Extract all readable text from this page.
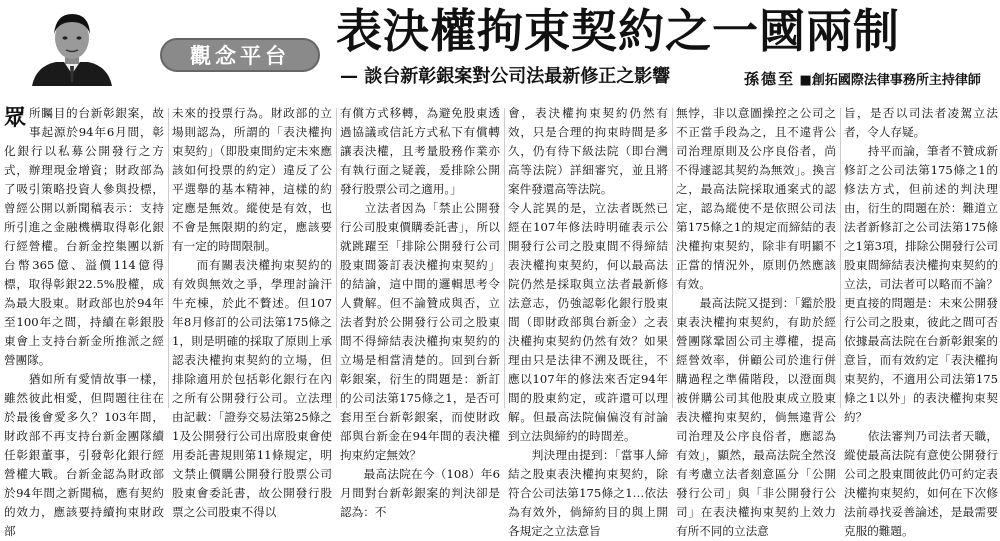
觀念平台	表決權拘束契約之一國兩制
— 談台新彰銀案對公司法最新修正之影響	孫德至 ■創拓國際法律事務所主持律師
眾 所矚目的台新彰銀案，故事起源於94年6月間，彰化銀行以私募公開發行之方式，辦理現金增資；財政部為了吸引策略投資人參與投標，曾經公開以新聞稿表示：支持所引進之金融機構取得彰化銀行經營權。台新金控集團以新台幣365億、溢價114億得標，取得彰銀22.5%股權，成為最大股東。財政部也於94年至100年之間，持續在彰銀股東會上支持台新金所推派之經營團隊。
　　猶如所有愛情故事一樣，雖然彼此相愛，但問題往往在於最後會愛多久？103年間，財政部不再支持台新金團隊續任彰銀董事，引發彰化銀行經營權大戰。台新金認為財政部於94年間之新聞稿，應有契約的效力，應該要持續拘束財政部
未來的投票行為。財政部的立場則認為，所謂的「表決權拘束契約」（即股東間約定未來應該如何投票的約定）違反了公平選舉的基本精神，這樣的約定應是無效。縱使是有效，也不會是無限期的約定，應該要有一定的時間限制。
　　而有關表決權拘束契約的有效與無效之爭，學理討論汗牛充棟，於此不贅述。但107年8月修訂的公司法第175條之1，則是明確的採取了原則上承認表決權拘束契約的立場，但排除適用於包括彰化銀行在內之所有公開發行公司。立法理由記載：「證券交易法第25條之1及公開發行公司出席股東會使用委託書規則第11條規定，明文禁止價購公開發行股票公司股東會委託書，故公開發行股票之公司股東不得以
有償方式移轉，為避免股東透過協議或信託方式私下有償轉讓表決權，且考量股務作業亦有執行面之疑義，爰排除公開發行股票公司之適用。」
　　立法者因為「禁止公開發行公司股東價購委託書」，所以就跳躍至「排除公開發行公司股東間簽訂表決權拘束契約」的結論，這中間的邏輯思考令人費解。但不論贊成與否，立法者對於公開發行公司之股東間不得締結表決權拘束契約的立場是相當清楚的。回到台新彰銀案，衍生的問題是：新訂的公司法第175條之1，是否可套用至台新彰銀案，而使財政部與台新金在94年間的表決權拘束約定無效？
　　最高法院在今（108）年6月間對台新彰銀案的判決卻是認為：不
會，表決權拘束契約仍然有效，只是合理的拘束時間是多久，仍有待下級法院（即台灣高等法院）詳細審究，並且將案件發還高等法院。
令人詫異的是，立法者既然已經在107年修法時明確表示公開發行公司之股東間不得締結表決權拘束契約，何以最高法院仍然是採取與立法者最新修法意志，仍強認彰化銀行股東間（即財政部與台新金）之表決權拘束契約仍然有效？如果理由只是法律不溯及既往，不應以107年的修法來否定94年間的股東約定，或許還可以理解。但最高法院偏偏沒有討論到立法與締約的時間差。
　　判決理由提到：「當事人締結之股東表決權拘束契約，除符合公司法第175條之1…依法為有效外，倘締約目的與上開各規定之立法意旨
無悖，非以意圖操控之公司之不正當手段為之，且不違背公司治理原則及公序良俗者，尚不得遽認其契約為無效」。換言之，最高法院採取通案式的認定，認為縱使不是依照公司法第175條之1的規定而締結的表決權拘束契約，除非有明顯不正當的情況外，原則仍然應該有效。
　　最高法院又提到：「鑑於股東表決權拘束契約，有助於經營團隊鞏固公司主導權，提高經營效率，併顧公司於進行併購過程之準備階段，以澄面與被併購公司其他股東成立股東表決權拘束契約，倘無違背公司治理及公序良俗者，應認為有效」，顯然，最高法院全然沒有考慮立法者刻意區分「公開發行公司」與「非公開發行公司」在表決權拘束契約上效力有所不同的立法意
旨，是否以司法者凌駕立法者，令人存疑。
　　持平而論，筆者不贊成新修訂之公司法第175條之1的修法方式，但前述的判決理由，衍生的問題在於：難道立法者新修訂之公司法第175條之1第3項，排除公開發行公司股東間締結表決權拘束契約的立法，司法者可以略而不論？更直接的問題是：未來公開發行公司之股東，彼此之間可否依據最高法院在台新彰銀案的意旨，而有效約定「表決權拘束契約，不適用公司法第175條之1以外」的表決權拘束契約？
　　依法審判乃司法者天職，縱使最高法院有意使公開發行公司之股東間彼此仍可約定表決權拘束契約，如何在下次修法前尋找妥善論述，是最需要克服的難題。
